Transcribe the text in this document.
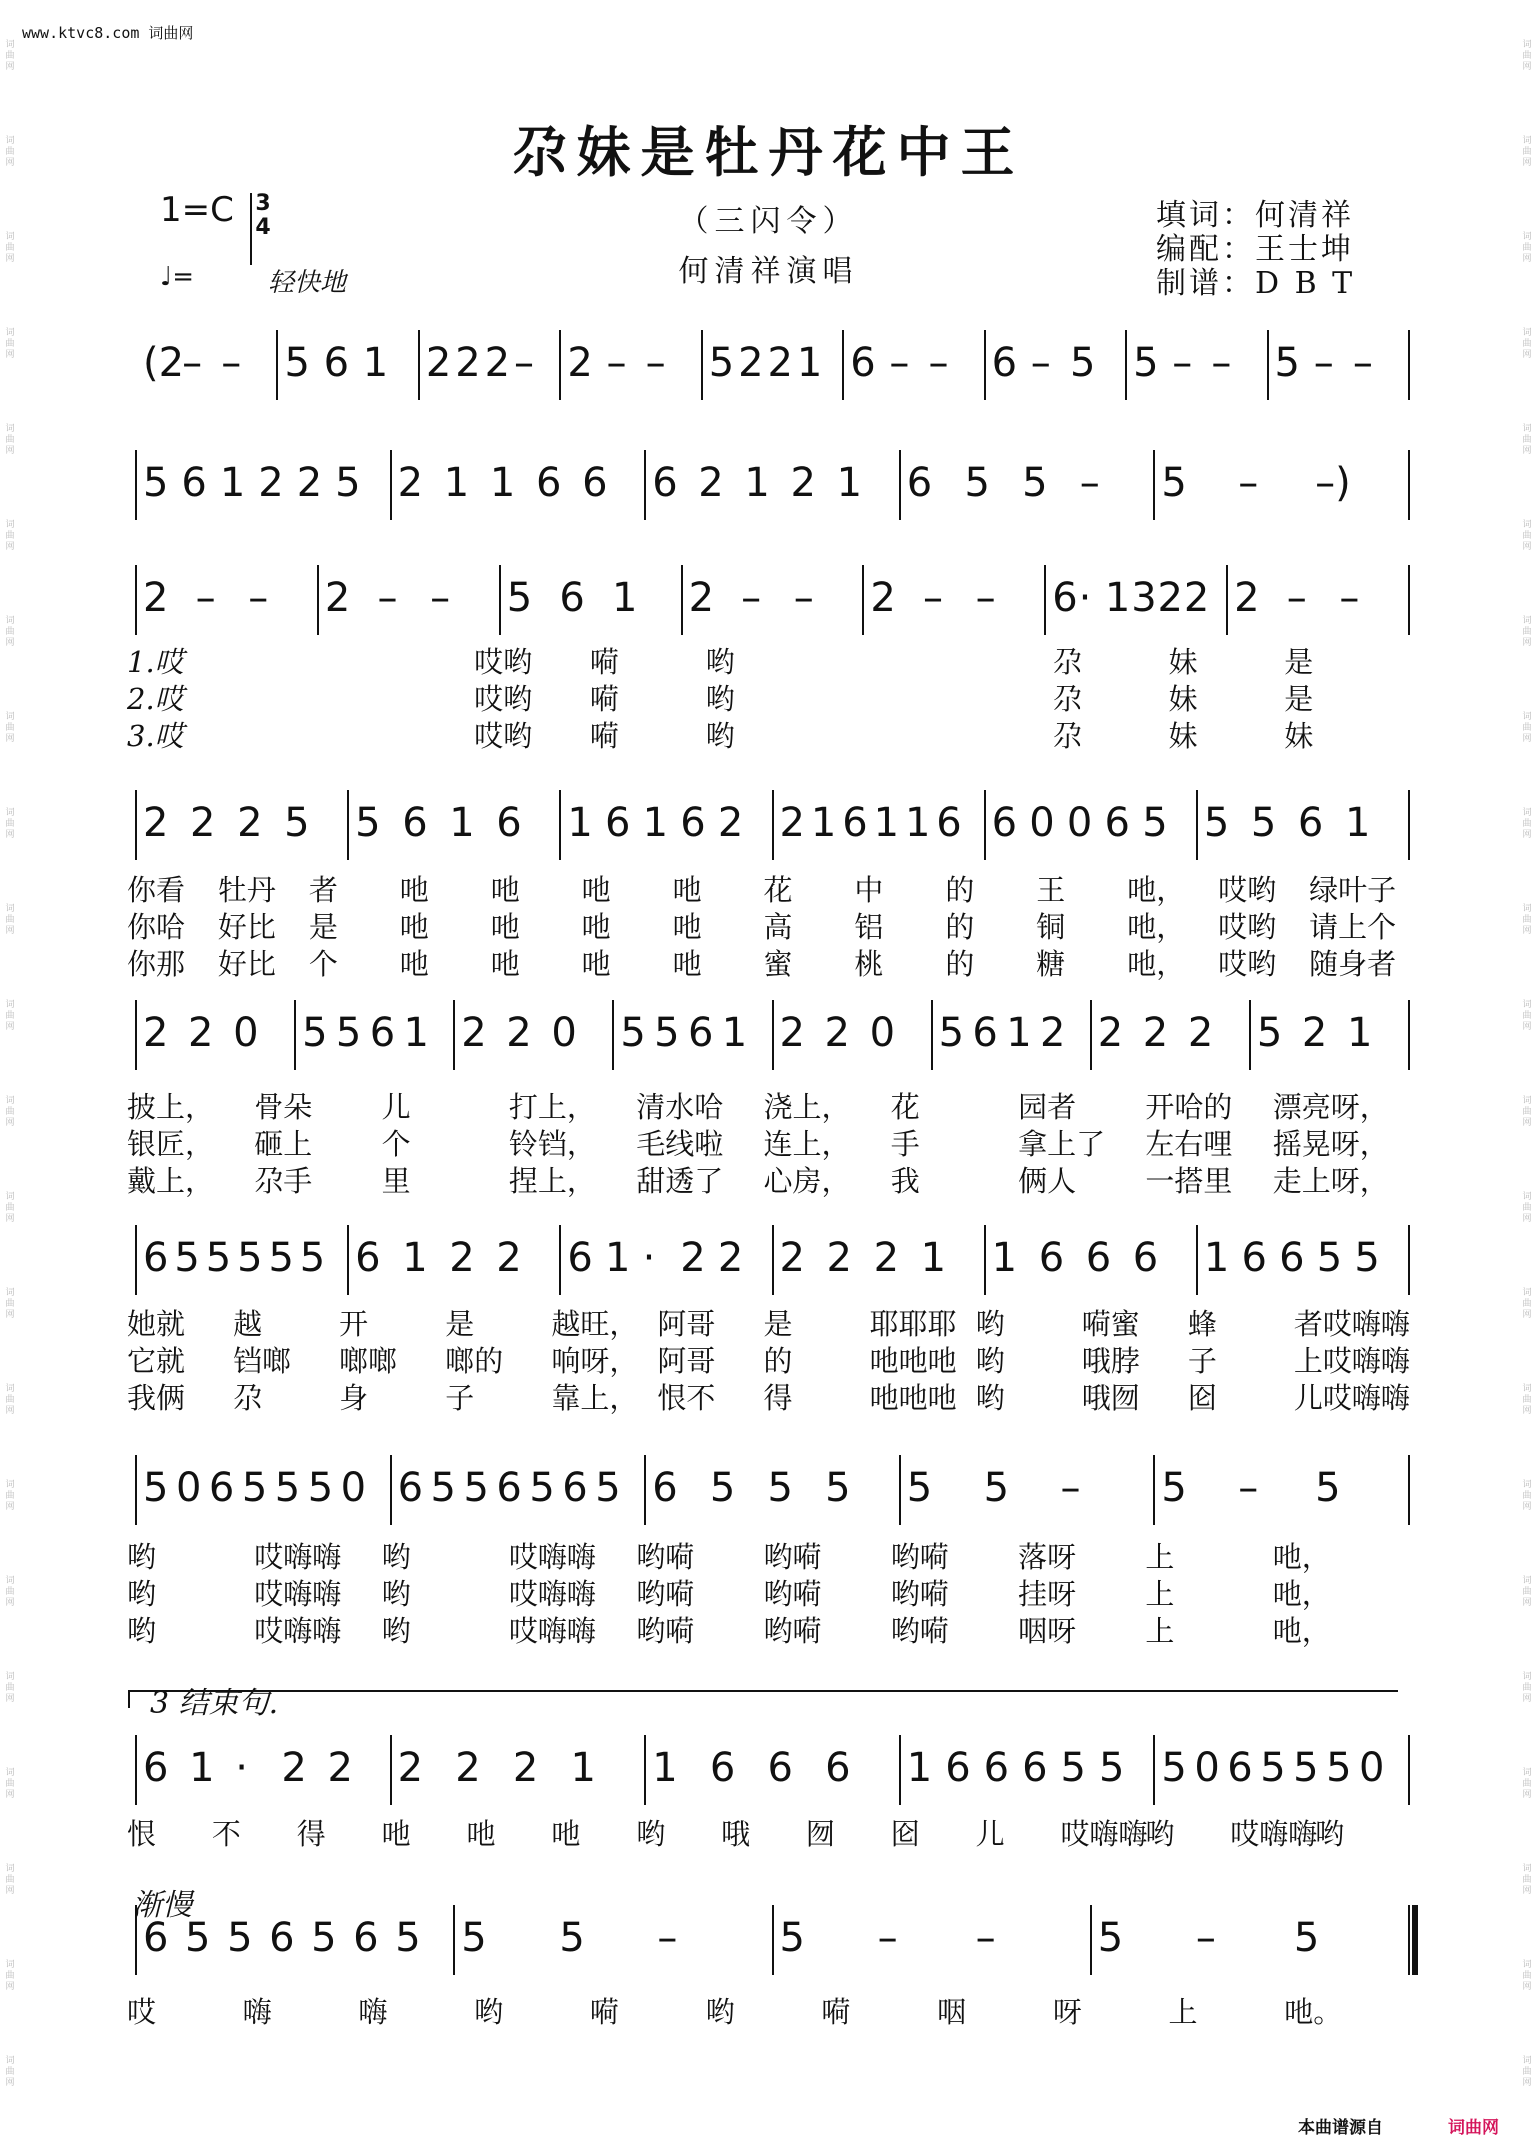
www.ktvc8.com 词曲网
词
曲
网
词
曲
网
词
曲
网
词
曲
网
词
曲
网
词
曲
网
词
曲
网
词
曲
网
词
曲
网
词
曲
网
词
曲
网
词
曲
网
词
曲
网
词
曲
网
词
曲
网
词
曲
网
词
曲
网
词
曲
网
词
曲
网
词
曲
网
词
曲
网
词
曲
网
词
曲
网
词
曲
网
词
曲
网
词
曲
网
词
曲
网
词
曲
网
词
曲
网
词
曲
网
词
曲
网
词
曲
网
词
曲
网
词
曲
网
词
曲
网
词
曲
网
词
曲
网
词
曲
网
词
曲
网
词
曲
网
词
曲
网
词
曲
网
词
曲
网
词
曲
网
尕妹是牡丹花中王
1=C 3
4
♩=	轻快地
（三闪令）
何清祥演唱
填词：何清祥
编配：王士坤
制谱：D B T
(2
– – 5 6 1 2 2 2 – 2 – – 5 2 2 1 6 – – 6 – 5 5 – – 5 – –
5 6 1 2 2 5 2 1 1 6 6 6 2 1 2 1 6 5 5 – 5 – –)
2 – – 2 – – 5 6 1 2 – – 2 – – 6 · 1 3 2 2 2 – –
1.哎	哎哟 嗬	哟	尕	妹	是
2.哎	哎哟 嗬	哟	尕	妹	是
3.哎	哎哟 嗬	哟	尕	妹	妹
2 2 2 5 5 6 1 6 1 6 1 6 2 2 1 6 1 1 6 6 0 0 6 5 5 5 6 1
你看 牡丹 者 吔 吔 吔 吔 花 中 的 王 吔， 哎哟 绿叶子
你哈 好比 是 吔 吔 吔 吔 高 铝 的 铜 吔， 哎哟 请上个
你那 好比 个 吔 吔 吔 吔 蜜 桃 的 糖 吔， 哎哟 随身者
2 2 0 5 5 6 1 2 2 0 5 5 6 1 2 2 0 5 6 1 2 2 2 2 5 2 1
披上， 骨朵 儿	打上， 清水哈 浇上， 花	园者 开哈的 漂亮呀，
银匠， 砸上 个	铃铛， 毛线啦 连上， 手	拿上了 左右哩 摇晃呀，
戴上， 尕手 里	捏上， 甜透了 心房， 我	俩人 一搭里 走上呀，
6 5 5 5 5 5 6 1 2 2 6 1 · 2 2 2 2 2 1 1 6 6 6 1 6 6 5 5
她就 越	开	是	越旺， 阿哥 是	耶耶耶 哟	嗬蜜 蜂	者哎嗨嗨
它就 铛啷 啷啷 啷的 响呀， 阿哥 的	吔吔吔 哟	哦脖 子	上哎嗨嗨
我俩 尕	身	子	靠上， 恨不 得	吔吔吔 哟	哦囫 囵	儿哎嗨嗨
5 0 6 5 5 5 0 6 5 5 6 5 6 5 6 5 5 5 5 5 – 5 – 5
哟	哎嗨嗨 哟	哎嗨嗨 哟嗬 哟嗬 哟嗬 落呀 上	吔，
哟	哎嗨嗨 哟	哎嗨嗨 哟嗬 哟嗬 哟嗬 挂呀 上	吔，
哟	哎嗨嗨 哟	哎嗨嗨 哟嗬 哟嗬 哟嗬 咽呀 上	吔，
6 1 · 2 2 2 2 2 1 1 6 6 6 1 6 6 6 5 5 5 0 6 5 5 5 0
恨 不 得 吔 吔 吔 哟 哦 囫 囵 儿 哎嗨嗨
哟 哎嗨嗨
哟
6 5 5 6 5 6 5 5 5 –	5 – –	5 – 5
哎	嗨	嗨	哟	嗬	哟	嗬	咽	呀	上	吔。
3 结束句.
渐慢
本曲谱源自	词曲网
